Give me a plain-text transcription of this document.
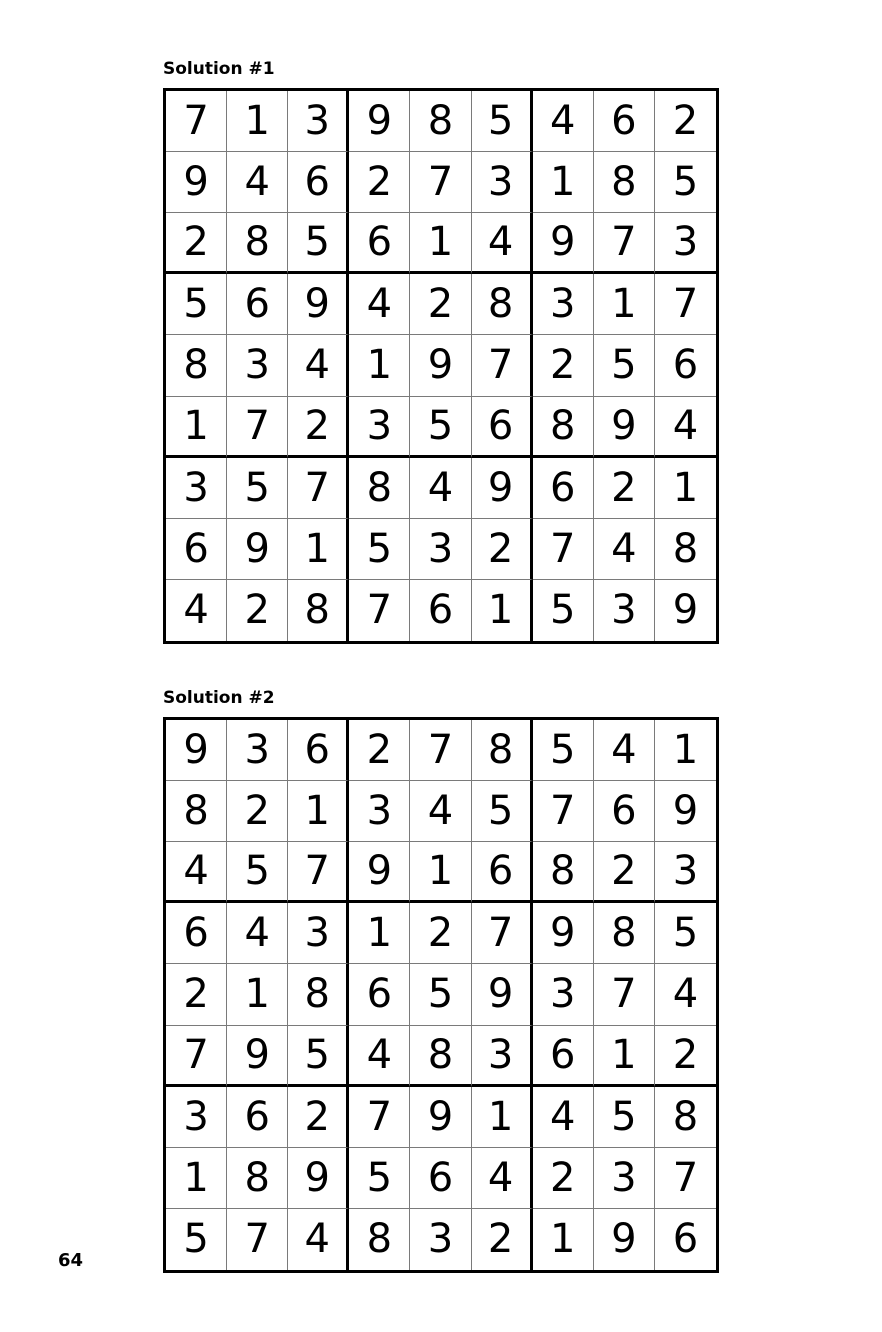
Solution #1
7 1 3 9 8 5 4 6 2
9 4 6 2 7 3 1 8 5
2 8 5 6 1 4 9 7 3
5 6 9 4 2 8 3 1 7
8 3 4 1 9 7 2 5 6
1 7 2 3 5 6 8 9 4
3 5 7 8 4 9 6 2 1
6 9 1 5 3 2 7 4 8
4 2 8 7 6 1 5 3 9
Solution #2
9 3 6 2 7 8 5 4 1
8 2 1 3 4 5 7 6 9
4 5 7 9 1 6 8 2 3
6 4 3 1 2 7 9 8 5
2 1 8 6 5 9 3 7 4
7 9 5 4 8 3 6 1 2
3 6 2 7 9 1 4 5 8
1 8 9 5 6 4 2 3 7
5 7 4 8 3 2 1 9 6
64
